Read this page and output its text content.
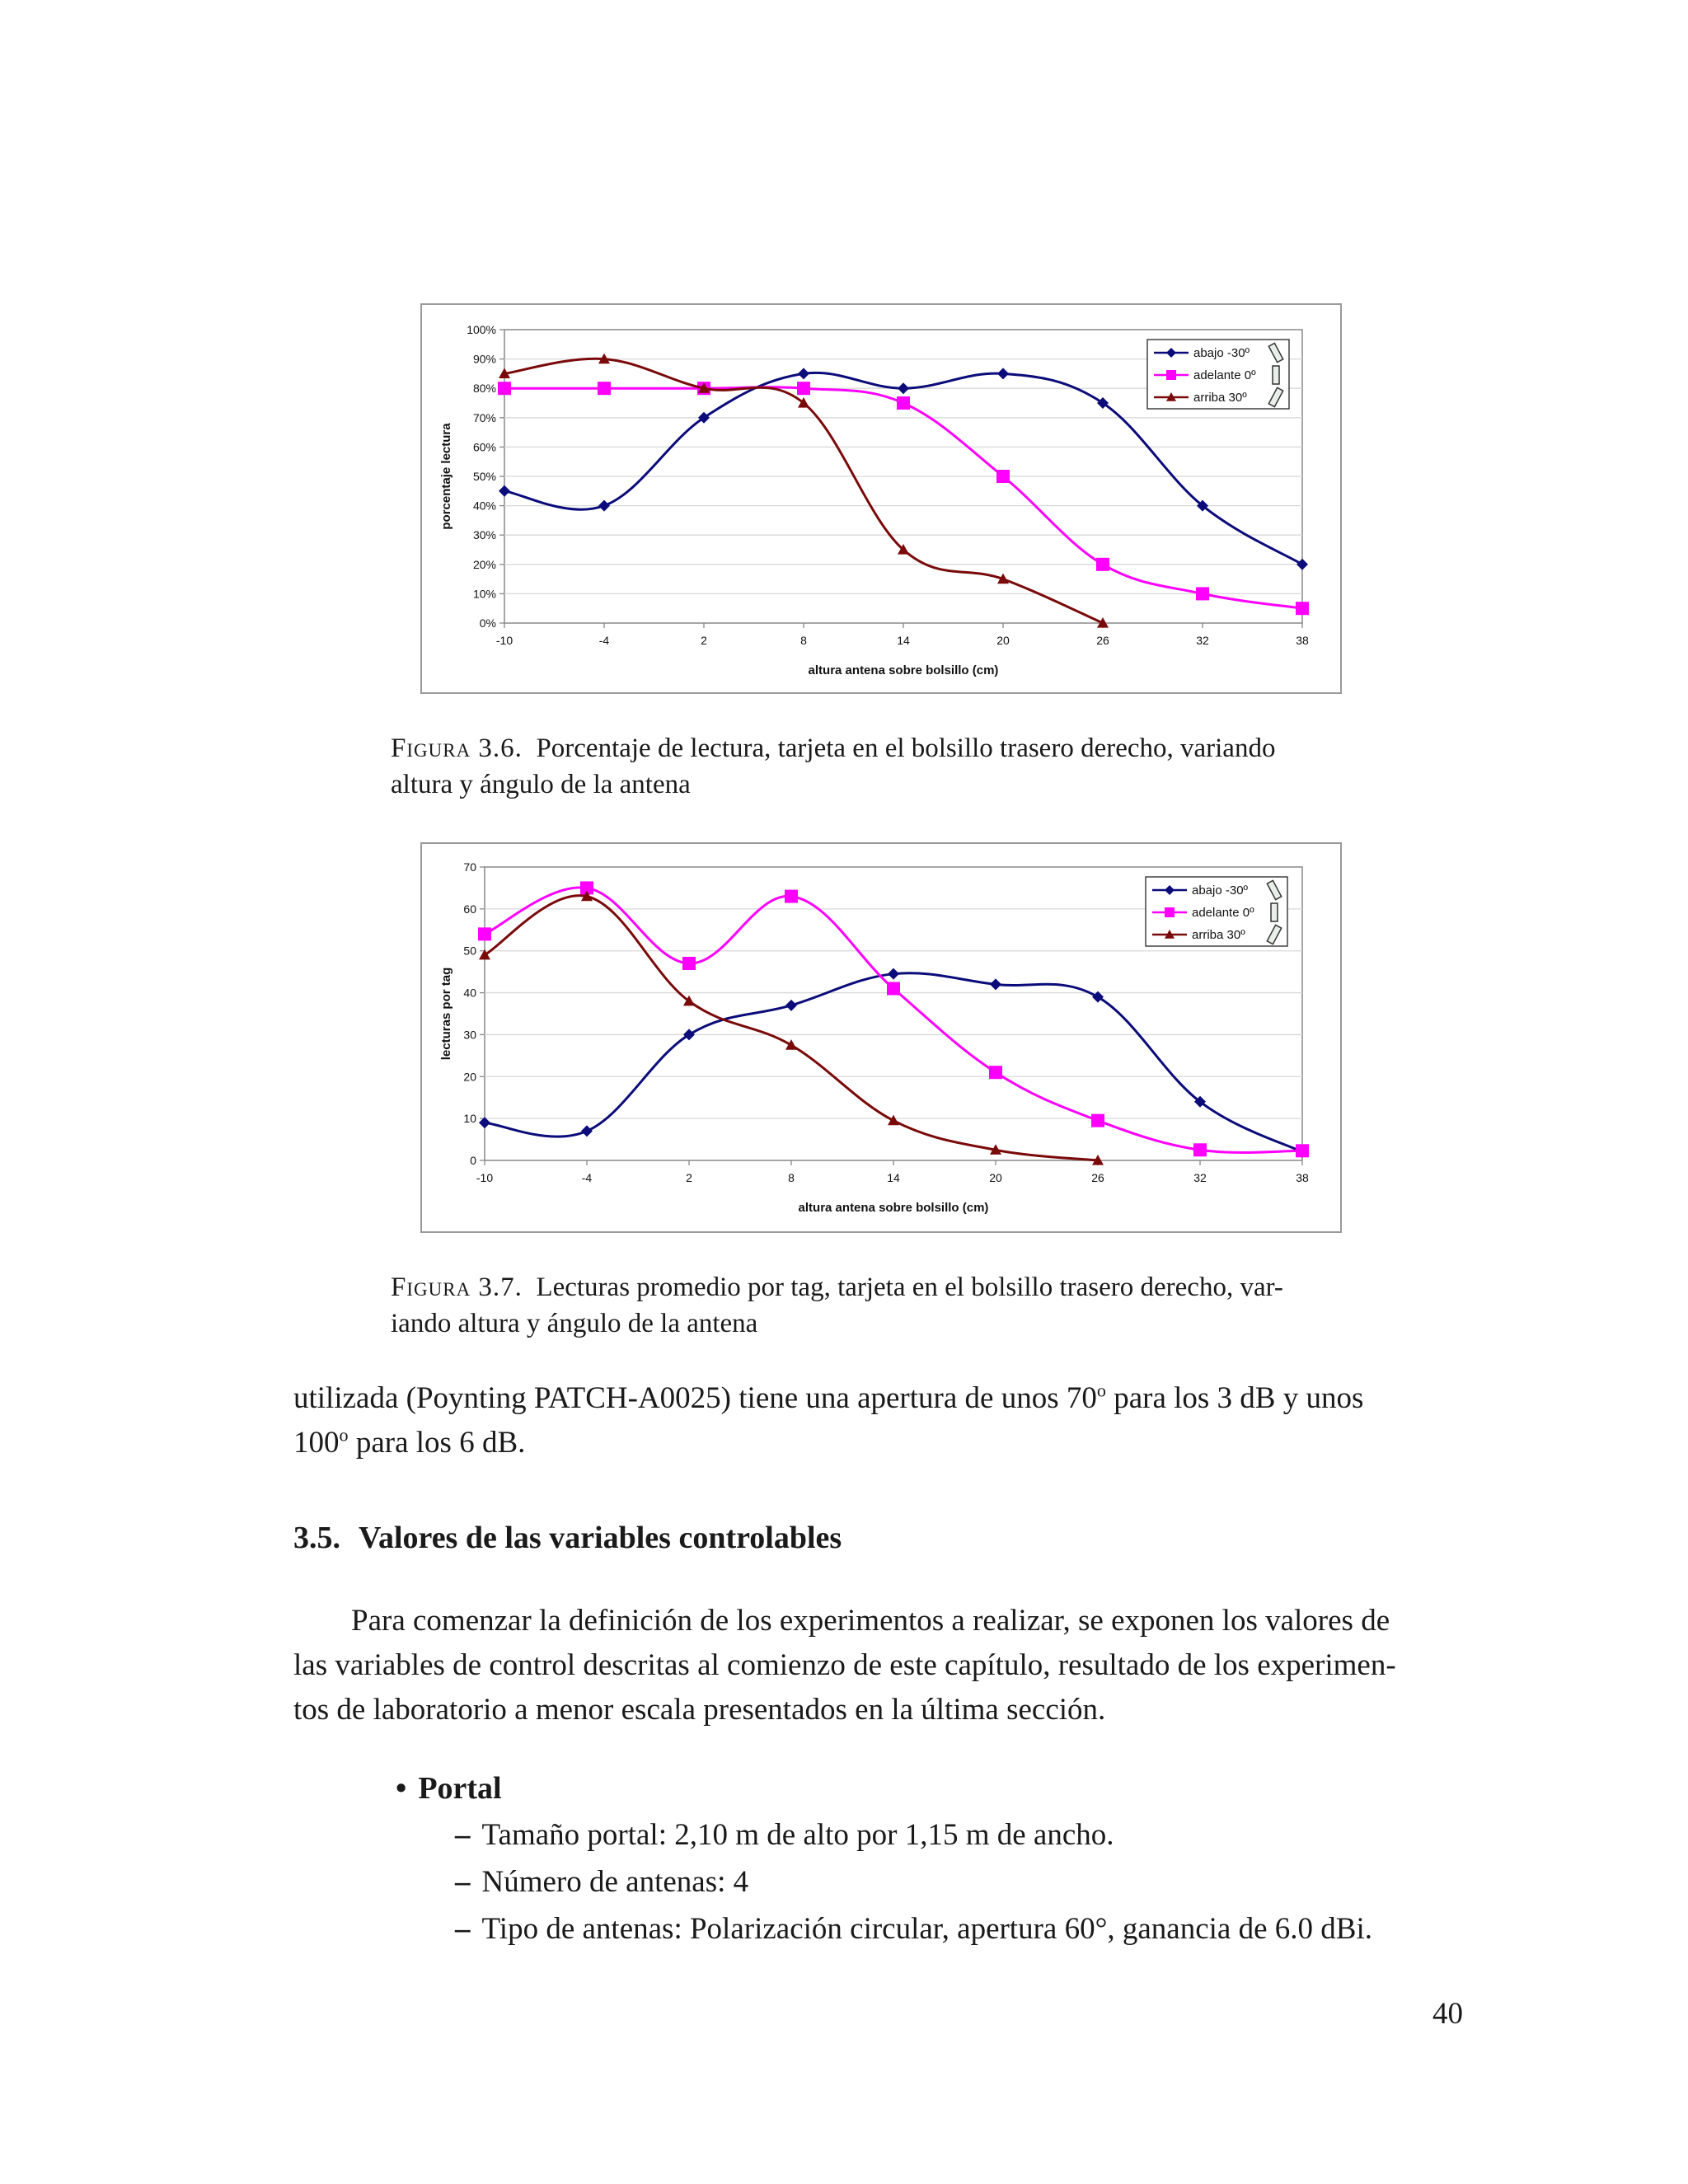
0%
10%
20%
30%
40%
50%
60%
70%
80%
90%
100%
-10	-4	2	8	14	20	26	32	38
altura antena sobre bolsillo (cm)
porcentaje lectura
abajo -30º
adelante 0º
arriba 30º
Figura 3.6. Porcentaje de lectura, tarjeta en el bolsillo trasero derecho, variando
altura y ángulo de la antena
0
10
20
30
40
50
60
70
-10	-4	2	8	14	20	26	32	38
altura antena sobre bolsillo (cm)
lecturas por tag
abajo -30º
adelante 0º
arriba 30º
Figura 3.7. Lecturas promedio por tag, tarjeta en el bolsillo trasero derecho, var-
iando altura y ángulo de la antena
utilizada (Poynting PATCH-A0025) tiene una apertura de unos 70$^o$ para los 3 dB y unos
100$^o$ para los 6 dB.
3.5. Valores de las variables controlables
Para comenzar la definición de los experimentos a realizar, se exponen los valores de
las variables de control descritas al comienzo de este capítulo, resultado de los experimen-
tos de laboratorio a menor escala presentados en la última sección.
• Portal
– Tamaño portal: 2,10 m de alto por 1,15 m de ancho.
– Número de antenas: 4
– Tipo de antenas: Polarización circular, apertura 60°, ganancia de 6.0 dBi.
40
